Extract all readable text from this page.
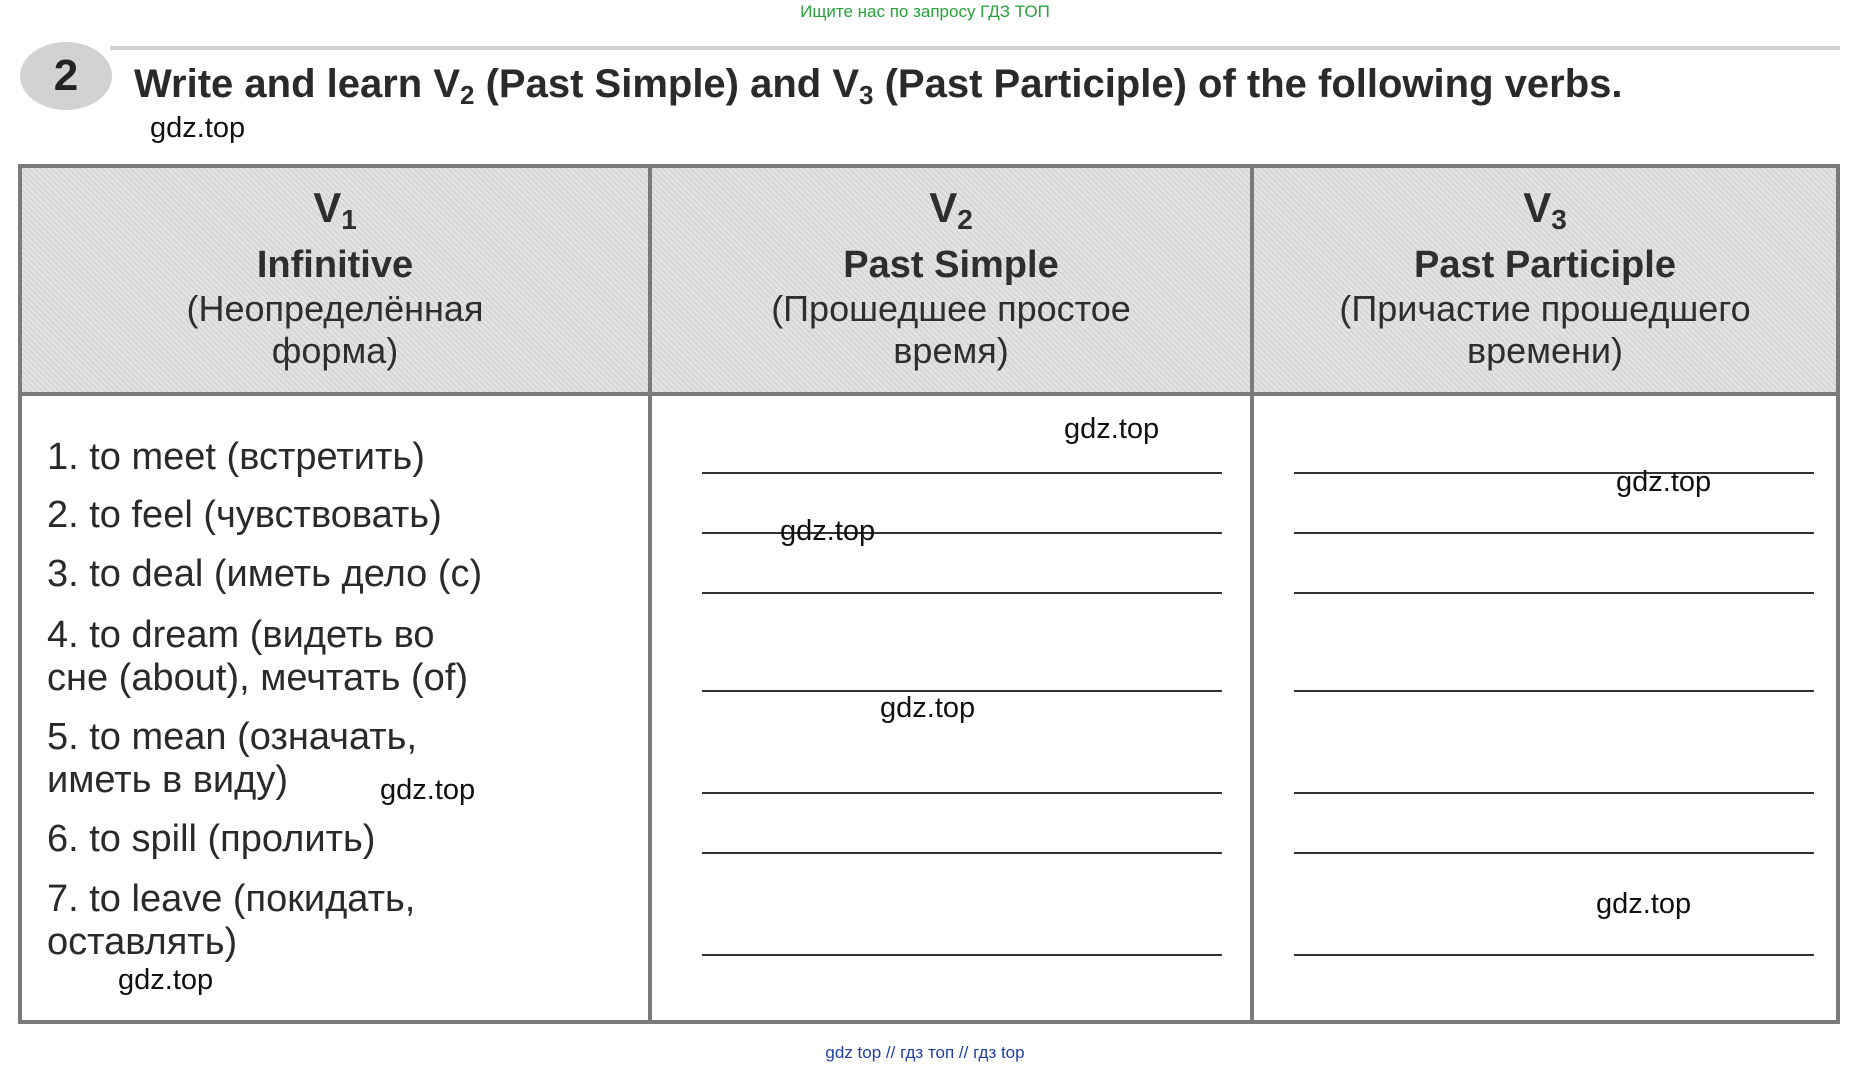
Ищите нас по запросу ГДЗ ТОП
2 Write and learn $V_2$ (Past Simple) and $V_3$ (Past Participle) of the following verbs.
gdz.top
$V_1$
Infinitive
(Неопределённая
форма)
$V_2$
Past Simple
(Прошедшее простое
время)
$V_3$
Past Participle
(Причастие прошедшего
времени)
1. to meet (встретить)
2. to feel (чувствовать)
3. to deal (иметь дело (с)
4. to dream (видеть во
сне (about), мечтать (of)
5. to mean (означать,
иметь в виду)
6. to spill (пролить)
7. to leave (покидать,
оставлять)
gdz.top
gdz.top
gdz.top
gdz.top
gdz.top
gdz.top
gdz.top
gdz top // гдз топ // гдз top
